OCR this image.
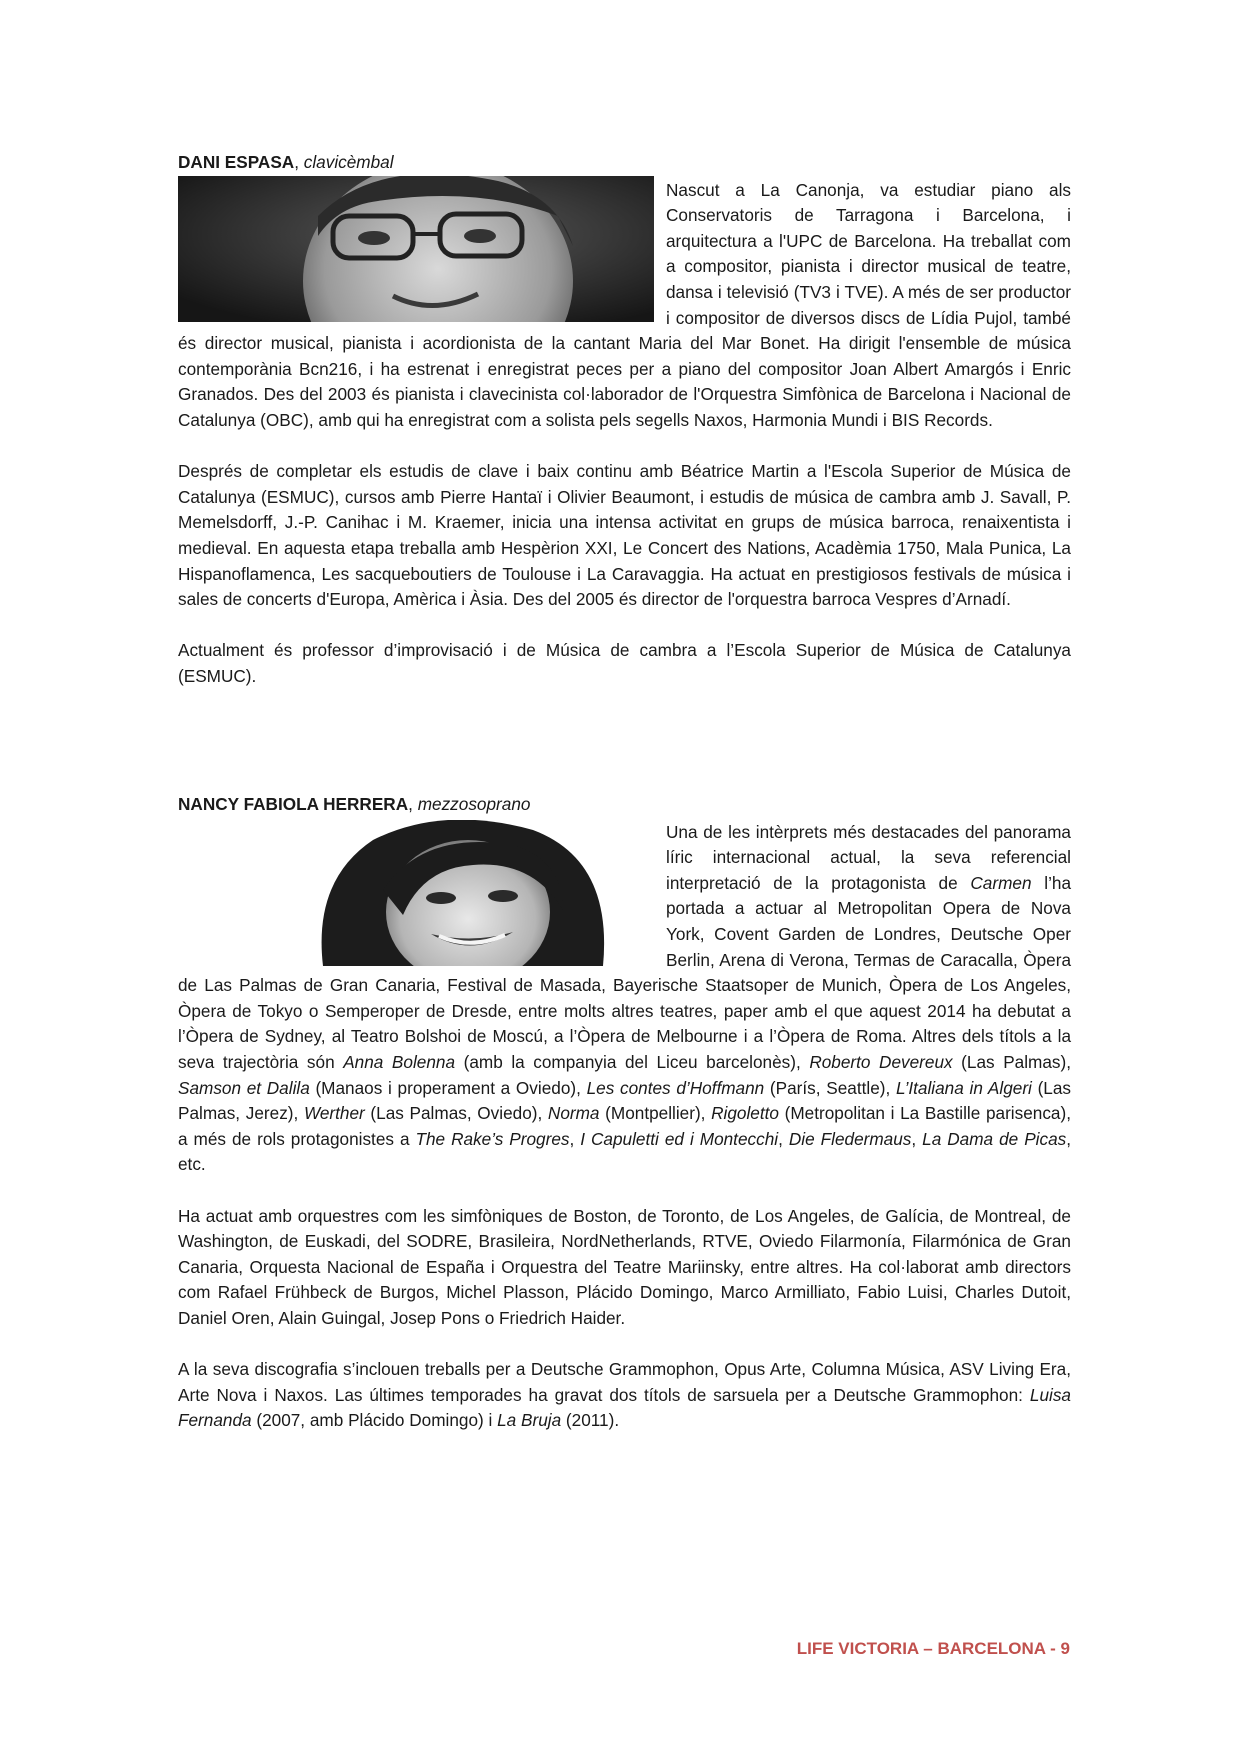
DANI ESPASA, clavicèmbal

Nascut a La Canonja, va estudiar piano als Conservatoris de Tarragona i Barcelona, i arquitectura a l'UPC de Barcelona. Ha treballat com a compositor, pianista i director musical de teatre, dansa i televisió (TV3 i TVE). A més de ser productor i compositor de diversos discs de Lídia Pujol, també és director musical, pianista i acordionista de la cantant Maria del Mar Bonet. Ha dirigit l'ensemble de música contemporània Bcn216, i ha estrenat i enregistrat peces per a piano del compositor Joan Albert Amargós i Enric Granados. Des del 2003 és pianista i clavecinista col·laborador de l'Orquestra Simfònica de Barcelona i Nacional de Catalunya (OBC), amb qui ha enregistrat com a solista pels segells Naxos, Harmonia Mundi i BIS Records.

Després de completar els estudis de clave i baix continu amb Béatrice Martin a l'Escola Superior de Música de Catalunya (ESMUC), cursos amb Pierre Hantaï i Olivier Beaumont, i estudis de música de cambra amb J. Savall, P. Memelsdorff, J.-P. Canihac i M. Kraemer, inicia una intensa activitat en grups de música barroca, renaixentista i medieval. En aquesta etapa treballa amb Hespèrion XXI, Le Concert des Nations, Acadèmia 1750, Mala Punica, La Hispanoflamenca, Les sacqueboutiers de Toulouse i La Caravaggia. Ha actuat en prestigiosos festivals de música i sales de concerts d'Europa, Amèrica i Àsia. Des del 2005 és director de l'orquestra barroca Vespres d’Arnadí.

Actualment és professor d’improvisació i de Música de cambra a l’Escola Superior de Música de Catalunya (ESMUC).

NANCY FABIOLA HERRERA, mezzosoprano

Una de les intèrprets més destacades del panorama líric internacional actual, la seva referencial interpretació de la protagonista de Carmen l’ha portada a actuar al Metropolitan Opera de Nova York, Covent Garden de Londres, Deutsche Oper Berlin, Arena di Verona, Termas de Caracalla, Òpera de Las Palmas de Gran Canaria, Festival de Masada, Bayerische Staatsoper de Munich, Òpera de Los Angeles, Òpera de Tokyo o Semperoper de Dresde, entre molts altres teatres, paper amb el que aquest 2014 ha debutat a l’Òpera de Sydney, al Teatro Bolshoi de Moscú, a l’Òpera de Melbourne i a l’Òpera de Roma. Altres dels títols a la seva trajectòria són Anna Bolenna (amb la companyia del Liceu barcelonès), Roberto Devereux (Las Palmas), Samson et Dalila (Manaos i properament a Oviedo), Les contes d’Hoffmann (París, Seattle), L’Italiana in Algeri (Las Palmas, Jerez), Werther (Las Palmas, Oviedo), Norma (Montpellier), Rigoletto (Metropolitan i La Bastille parisenca), a més de rols protagonistes a The Rake’s Progres, I Capuletti ed i Montecchi, Die Fledermaus, La Dama de Picas, etc.

Ha actuat amb orquestres com les simfòniques de Boston, de Toronto, de Los Angeles, de Galícia, de Montreal, de Washington, de Euskadi, del SODRE, Brasileira, NordNetherlands, RTVE, Oviedo Filarmonía, Filarmónica de Gran Canaria, Orquesta Nacional de España i Orquestra del Teatre Mariinsky, entre altres. Ha col·laborat amb directors com Rafael Frühbeck de Burgos, Michel Plasson, Plácido Domingo, Marco Armilliato, Fabio Luisi, Charles Dutoit, Daniel Oren, Alain Guingal, Josep Pons o Friedrich Haider.

A la seva discografia s’inclouen treballs per a Deutsche Grammophon, Opus Arte, Columna Música, ASV Living Era, Arte Nova i Naxos. Las últimes temporades ha gravat dos títols de sarsuela per a Deutsche Grammophon: Luisa Fernanda (2007, amb Plácido Domingo) i La Bruja (2011).

LIFE VICTORIA – BARCELONA - 9
